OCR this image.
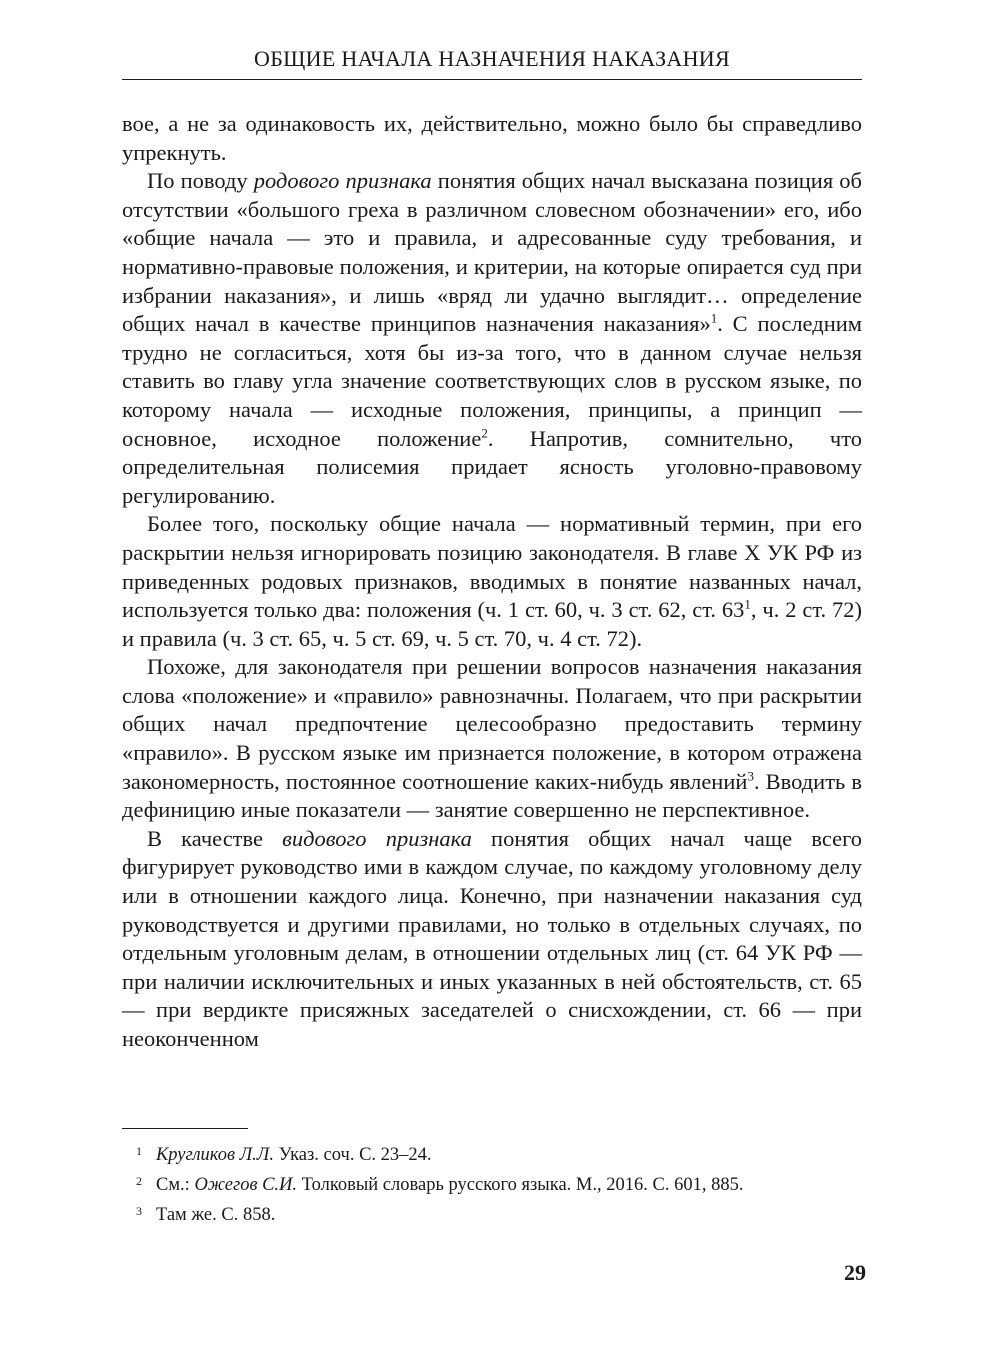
ОБЩИЕ НАЧАЛА НАЗНАЧЕНИЯ НАКАЗАНИЯ

вое, а не за одинаковость их, действительно, можно было бы справедливо упрекнуть.

По поводу родового признака понятия общих начал высказана позиция об отсутствии «большого греха в различном словесном обозначении» его, ибо «общие начала — это и правила, и адресованные суду требования, и нормативно-правовые положения, и критерии, на которые опирается суд при избрании наказания», и лишь «вряд ли удачно выглядит… определение общих начал в качестве принципов назначения наказания»$^1$. С последним трудно не согласиться, хотя бы из-за того, что в данном случае нельзя ставить во главу угла значение соответствующих слов в русском языке, по которому начала — исходные положения, принципы, а принцип — основное, исходное положение$^2$. Напротив, сомнительно, что определительная полисемия придает ясность уголовно-правовому регулированию.

Более того, поскольку общие начала — нормативный термин, при его раскрытии нельзя игнорировать позицию законодателя. В главе X УК РФ из приведенных родовых признаков, вводимых в понятие названных начал, используется только два: положения (ч. 1 ст. 60, ч. 3 ст. 62, ст. $63^1$, ч. 2 ст. 72) и правила (ч. 3 ст. 65, ч. 5 ст. 69, ч. 5 ст. 70, ч. 4 ст. 72).

Похоже, для законодателя при решении вопросов назначения наказания слова «положение» и «правило» равнозначны. Полагаем, что при раскрытии общих начал предпочтение целесообразно предоставить термину «правило». В русском языке им признается положение, в котором отражена закономерность, постоянное соотношение каких-нибудь явлений$^3$. Вводить в дефиницию иные показатели — занятие совершенно не перспективное.

В качестве видового признака понятия общих начал чаще всего фигурирует руководство ими в каждом случае, по каждому уголовному делу или в отношении каждого лица. Конечно, при назначении наказания суд руководствуется и другими правилами, но только в отдельных случаях, по отдельным уголовным делам, в отношении отдельных лиц (ст. 64 УК РФ — при наличии исключительных и иных указанных в ней обстоятельств, ст. 65 — при вердикте присяжных заседателей о снисхождении, ст. 66 — при неоконченном

1 Кругликов Л.Л. Указ. соч. С. 23–24.
2 См.: Ожегов С.И. Толковый словарь русского языка. М., 2016. С. 601, 885.
3 Там же. С. 858.
29
